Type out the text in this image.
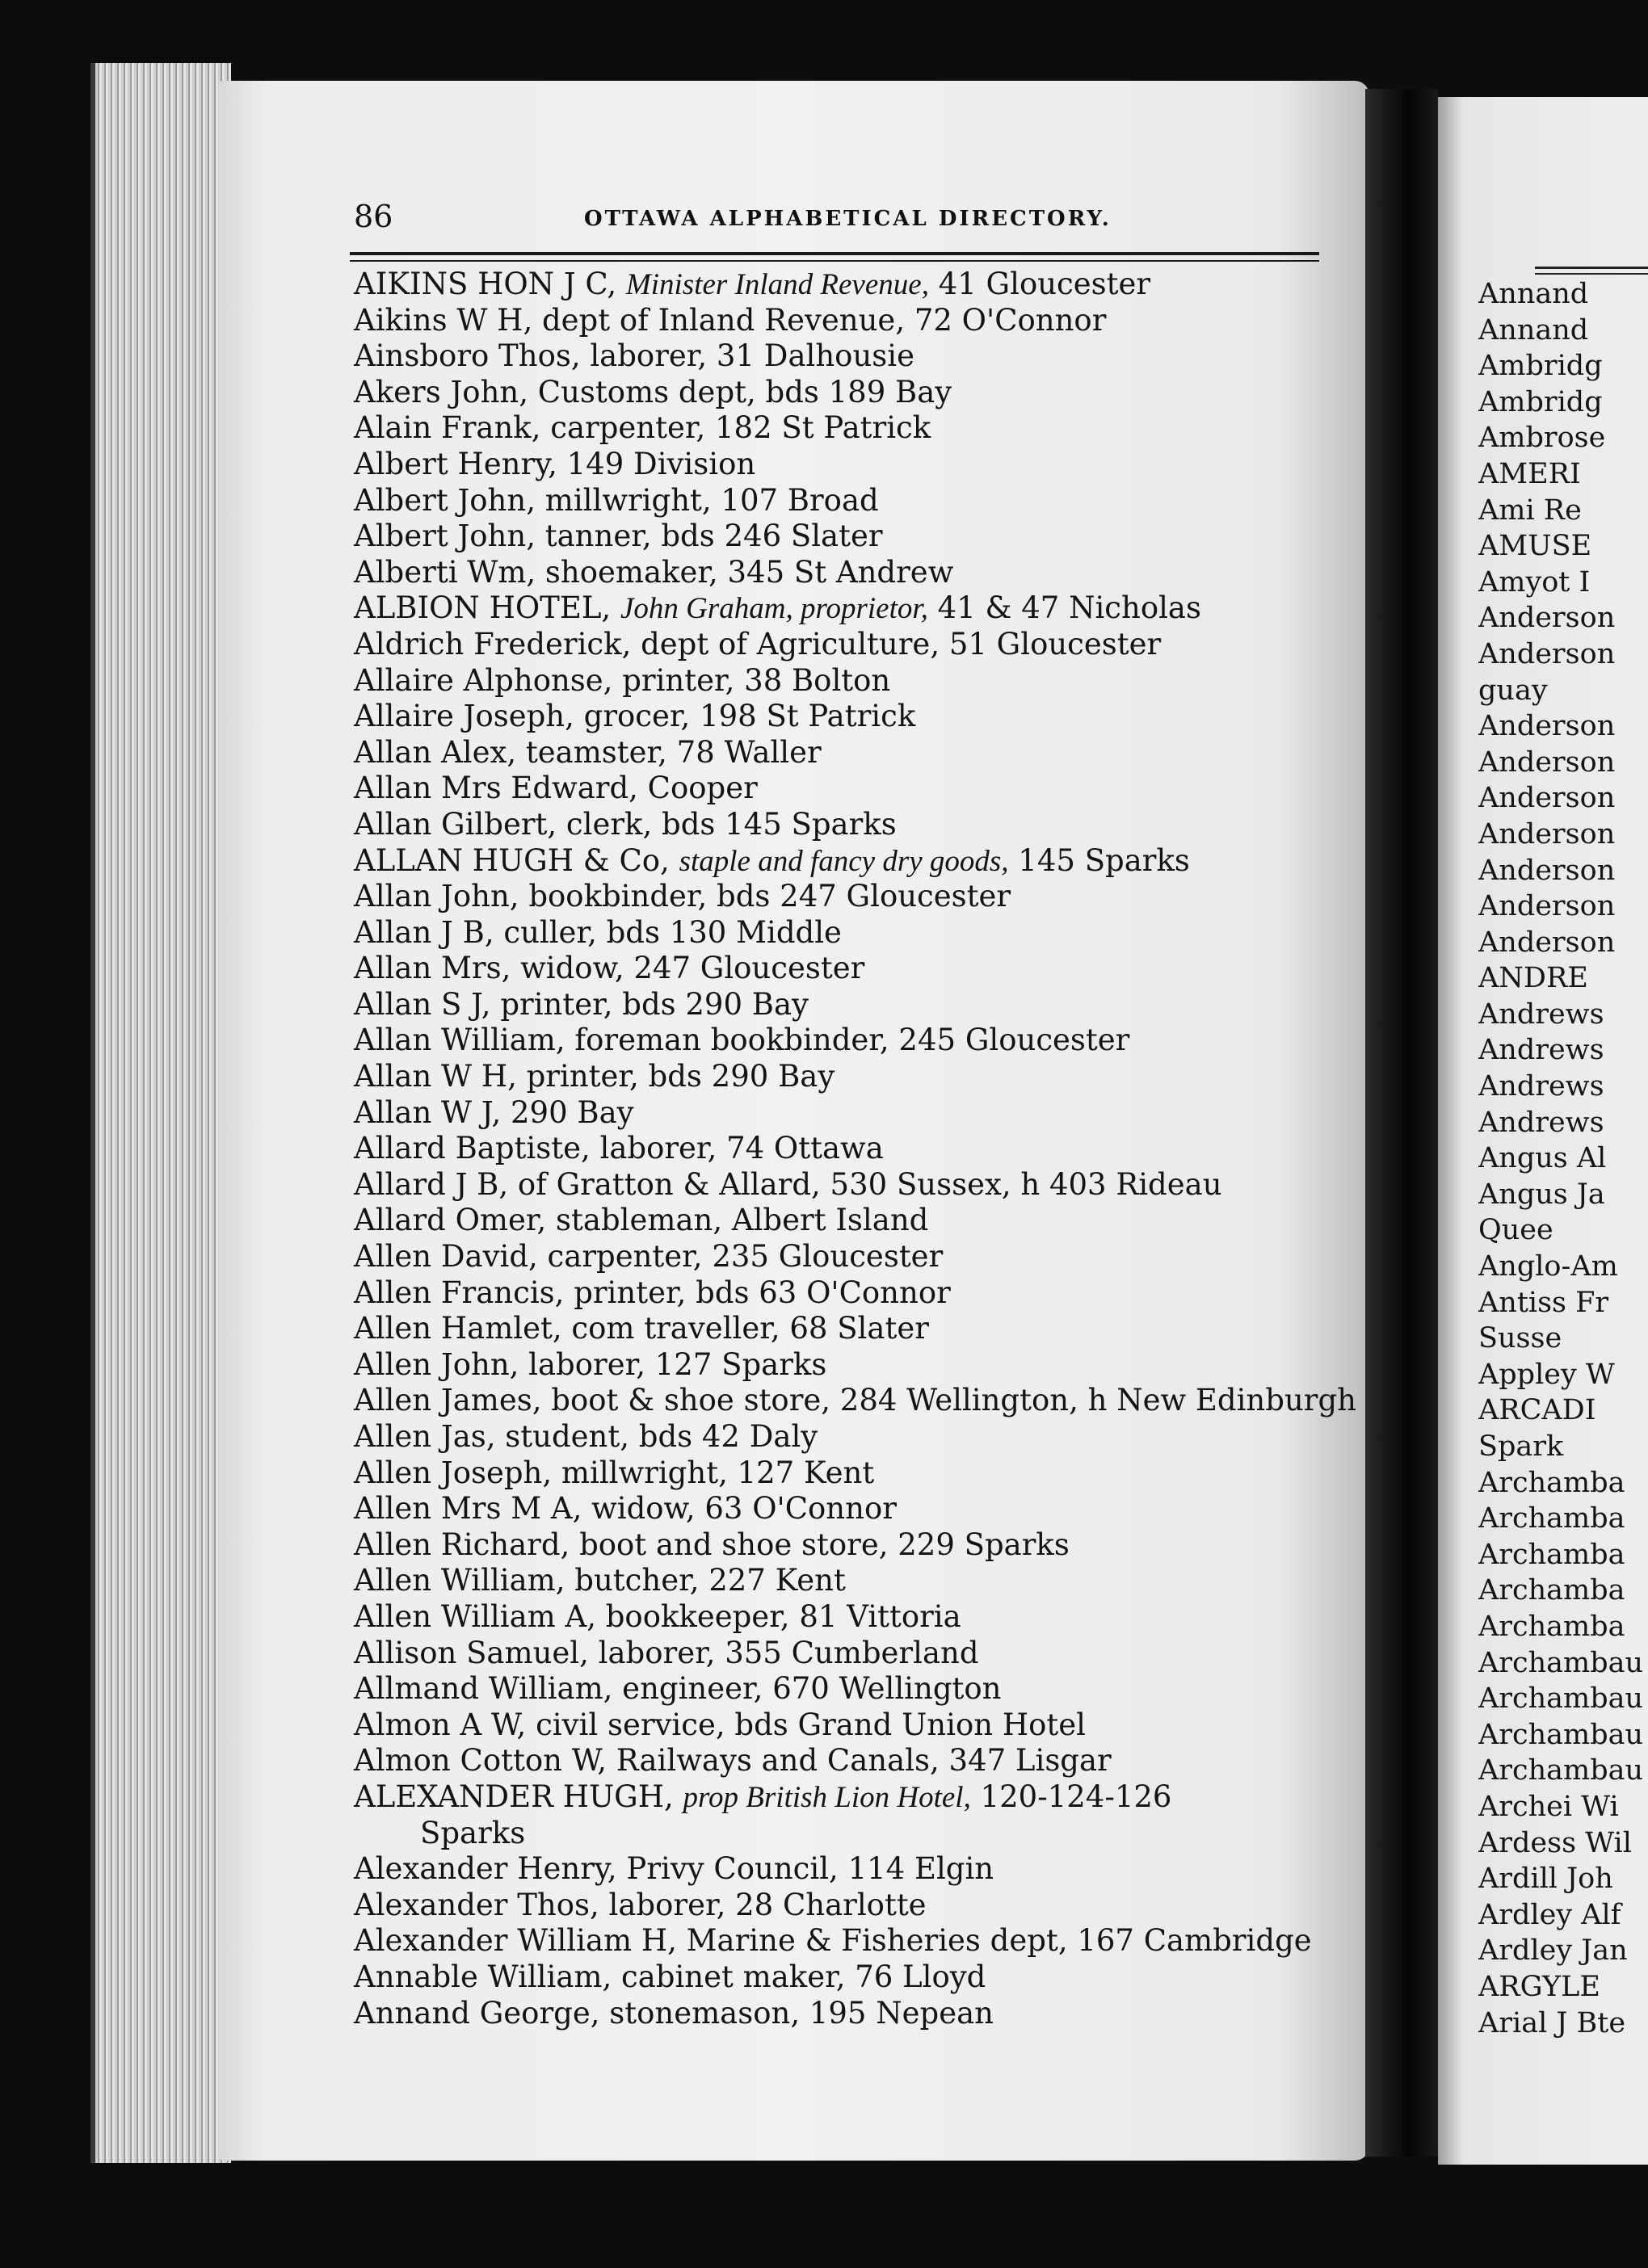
86	OTTAWA ALPHABETICAL DIRECTORY.
AIKINS HON J C, Minister Inland Revenue, 41 Gloucester
Aikins W H, dept of Inland Revenue, 72 O'Connor
Ainsboro Thos, laborer, 31 Dalhousie
Akers John, Customs dept, bds 189 Bay
Alain Frank, carpenter, 182 St Patrick
Albert Henry, 149 Division
Albert John, millwright, 107 Broad
Albert John, tanner, bds 246 Slater
Alberti Wm, shoemaker, 345 St Andrew
ALBION HOTEL, John Graham, proprietor, 41 & 47 Nicholas
Aldrich Frederick, dept of Agriculture, 51 Gloucester
Allaire Alphonse, printer, 38 Bolton
Allaire Joseph, grocer, 198 St Patrick
Allan Alex, teamster, 78 Waller
Allan Mrs Edward, Cooper
Allan Gilbert, clerk, bds 145 Sparks
ALLAN HUGH & Co, staple and fancy dry goods, 145 Sparks
Allan John, bookbinder, bds 247 Gloucester
Allan J B, culler, bds 130 Middle
Allan Mrs, widow, 247 Gloucester
Allan S J, printer, bds 290 Bay
Allan William, foreman bookbinder, 245 Gloucester
Allan W H, printer, bds 290 Bay
Allan W J, 290 Bay
Allard Baptiste, laborer, 74 Ottawa
Allard J B, of Gratton & Allard, 530 Sussex, h 403 Rideau
Allard Omer, stableman, Albert Island
Allen David, carpenter, 235 Gloucester
Allen Francis, printer, bds 63 O'Connor
Allen Hamlet, com traveller, 68 Slater
Allen John, laborer, 127 Sparks
Allen James, boot & shoe store, 284 Wellington, h New Edinburgh
Allen Jas, student, bds 42 Daly
Allen Joseph, millwright, 127 Kent
Allen Mrs M A, widow, 63 O'Connor
Allen Richard, boot and shoe store, 229 Sparks
Allen William, butcher, 227 Kent
Allen William A, bookkeeper, 81 Vittoria
Allison Samuel, laborer, 355 Cumberland
Allmand William, engineer, 670 Wellington
Almon A W, civil service, bds Grand Union Hotel
Almon Cotton W, Railways and Canals, 347 Lisgar
ALEXANDER HUGH, prop British Lion Hotel, 120-124-126
Sparks
Alexander Henry, Privy Council, 114 Elgin
Alexander Thos, laborer, 28 Charlotte
Alexander William H, Marine & Fisheries dept, 167 Cambridge
Annable William, cabinet maker, 76 Lloyd
Annand George, stonemason, 195 Nepean
Annand
Annand
Ambridg
Ambridg
Ambrose
AMERI
Ami Re
AMUSE
Amyot I
Anderson
Anderson
guay
Anderson
Anderson
Anderson
Anderson
Anderson
Anderson
Anderson
ANDRE
Andrews
Andrews
Andrews
Andrews
Angus Al
Angus Ja
Quee
Anglo-Am
Antiss Fr
Susse
Appley W
ARCADI
Spark
Archamba
Archamba
Archamba
Archamba
Archamba
Archambau
Archambau
Archambau
Archambau
Archei Wi
Ardess Wil
Ardill Joh
Ardley Alf
Ardley Jan
ARGYLE
Arial J Bte
